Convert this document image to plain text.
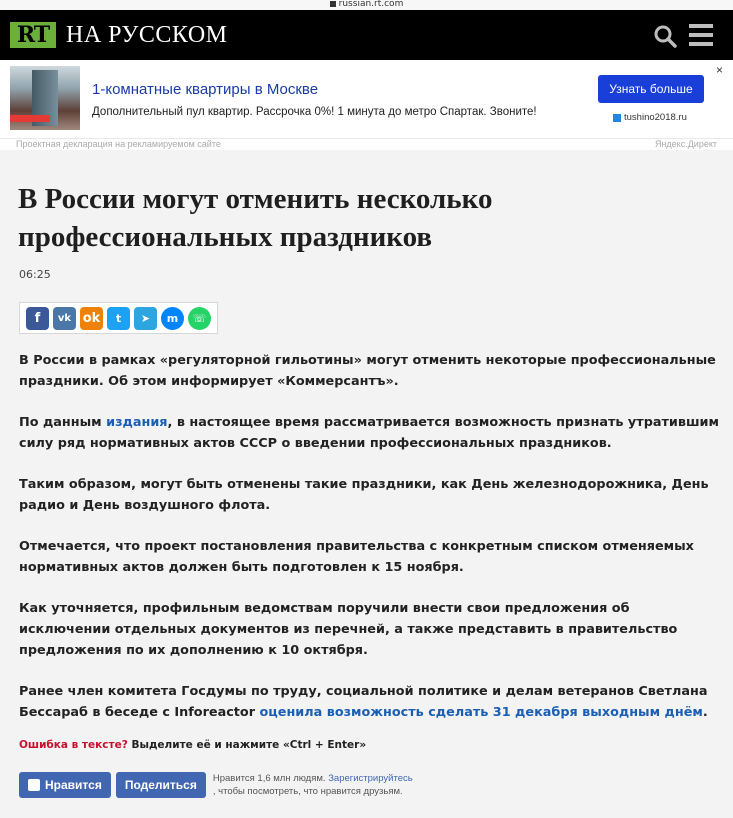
russian.rt.com
RT НА РУССКОМ
1-комнатные квартиры в Москве
Дополнительный пул квартир. Рассрочка 0%! 1 минута до метро Спартак. Звоните!
Узнать больше
×
tushino2018.ru
Проектная декларация на рекламируемом сайте	Яндекс.Директ
В России могут отменить несколько профессиональных праздников
06:25
f	vk ok	t	➤	m	☏

В России в рамках «регуляторной гильотины» могут отменить некоторые профессиональные праздники. Об этом информирует «Коммерсантъ».

По данным издания, в настоящее время рассматривается возможность признать утратившим силу ряд нормативных актов СССР о введении профессиональных праздников.

Таким образом, могут быть отменены такие праздники, как День железнодорожника, День радио и День воздушного флота.

Отмечается, что проект постановления правительства с конкретным списком отменяемых нормативных актов должен быть подготовлен к 15 ноября.

Как уточняется, профильным ведомствам поручили внести свои предложения об исключении отдельных документов из перечней, а также представить в правительство предложения по их дополнению к 10 октября.

Ранее член комитета Госдумы по труду, социальной политике и делам ветеранов Светлана Бессараб в беседе с Inforeactor оценила возможность сделать 31 декабря выходным днём.

Ошибка в тексте? Выделите её и нажмите «Ctrl + Enter»
Нравится	Поделиться	Нравится 1,6 млн людям. Зарегистрируйтесь
, чтобы посмотреть, что нравится друзьям.
